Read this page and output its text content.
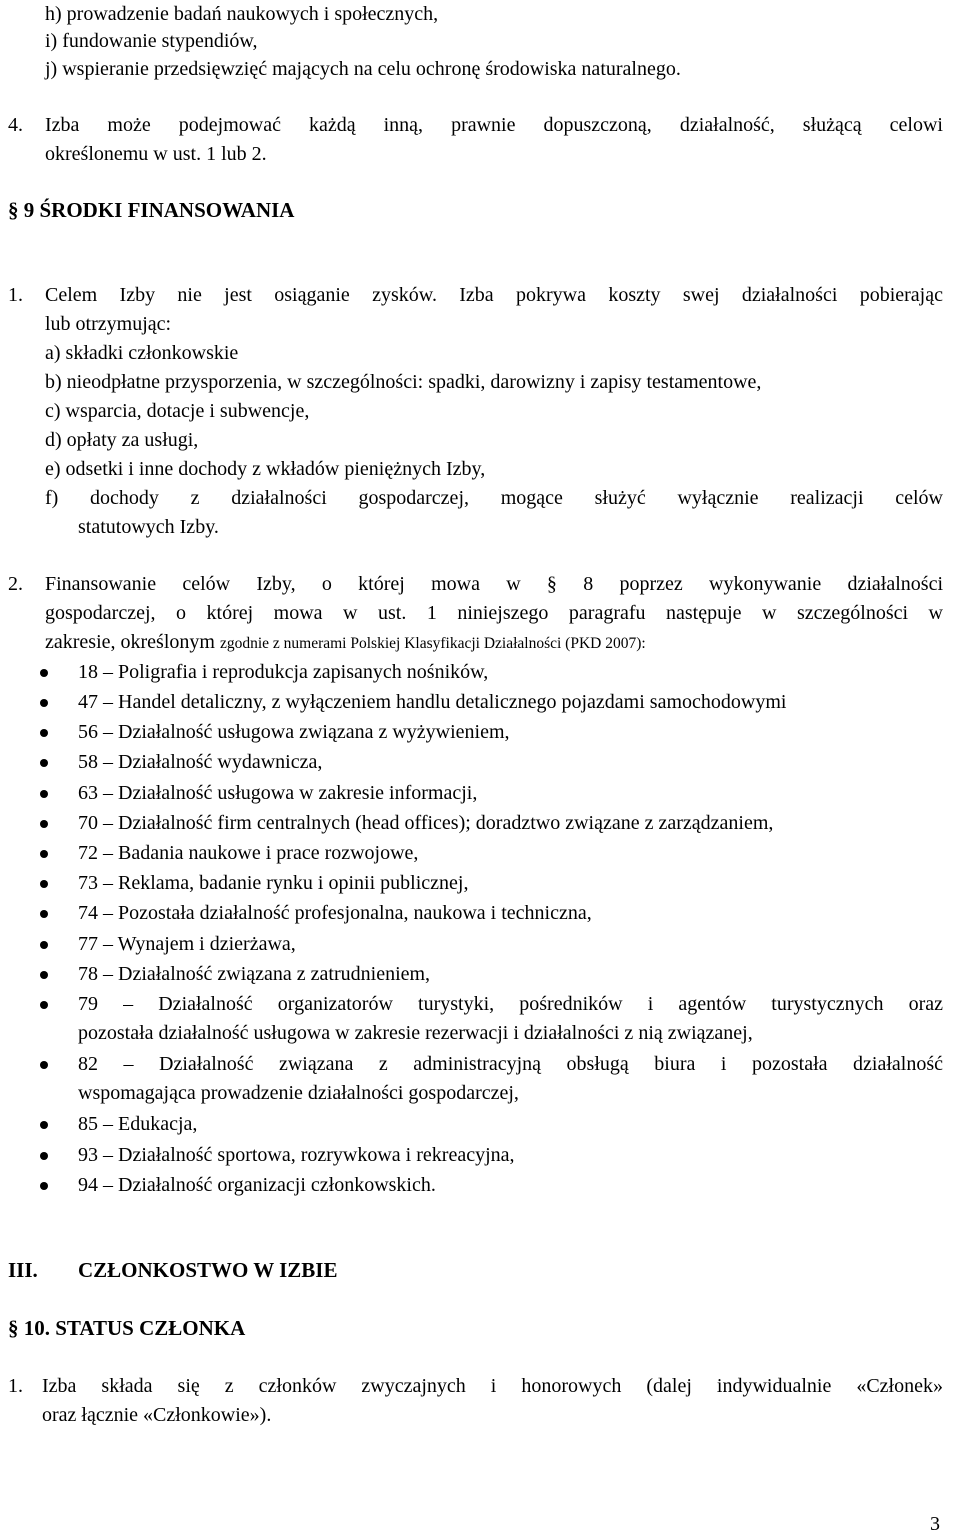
h) prowadzenie badań naukowych i społecznych,
i) fundowanie stypendiów,
j) wspieranie przedsięwzięć mających na celu ochronę środowiska naturalnego.
4. Izba może podejmować każdą inną, prawnie dopuszczoną, działalność, służącą celowi
określonemu w ust. 1 lub 2.
§ 9 ŚRODKI FINANSOWANIA
1. Celem Izby nie jest osiąganie zysków. Izba pokrywa koszty swej działalności pobierając
lub otrzymując:
a) składki członkowskie
b) nieodpłatne przysporzenia, w szczególności: spadki, darowizny i zapisy testamentowe,
c) wsparcia, dotacje i subwencje,
d) opłaty za usługi,
e) odsetki i inne dochody z wkładów pieniężnych Izby,
f) dochody z działalności gospodarczej, mogące służyć wyłącznie realizacji celów
statutowych Izby.
2. Finansowanie celów Izby, o której mowa w § 8 poprzez wykonywanie działalności
gospodarczej, o której mowa w ust. 1 niniejszego paragrafu następuje w szczególności w
zakresie, określonym zgodnie z numerami Polskiej Klasyfikacji Działalności (PKD 2007):
18 – Poligrafia i reprodukcja zapisanych nośników,
47 – Handel detaliczny, z wyłączeniem handlu detalicznego pojazdami samochodowymi
56 – Działalność usługowa związana z wyżywieniem,
58 – Działalność wydawnicza,
63 – Działalność usługowa w zakresie informacji,
70 – Działalność firm centralnych (head offices); doradztwo związane z zarządzaniem,
72 – Badania naukowe i prace rozwojowe,
73 – Reklama, badanie rynku i opinii publicznej,
74 – Pozostała działalność profesjonalna, naukowa i techniczna,
77 – Wynajem i dzierżawa,
78 – Działalność związana z zatrudnieniem,
79 – Działalność organizatorów turystyki, pośredników i agentów turystycznych oraz
pozostała działalność usługowa w zakresie rezerwacji i działalności z nią związanej,
82 – Działalność związana z administracyjną obsługą biura i pozostała działalność
wspomagająca prowadzenie działalności gospodarczej,
85 – Edukacja,
93 – Działalność sportowa, rozrywkowa i rekreacyjna,
94 – Działalność organizacji członkowskich.
III. CZŁONKOSTWO W IZBIE
§ 10. STATUS CZŁONKA
1. Izba składa się z członków zwyczajnych i honorowych (dalej indywidualnie «Członek»
oraz łącznie «Członkowie»).
3
